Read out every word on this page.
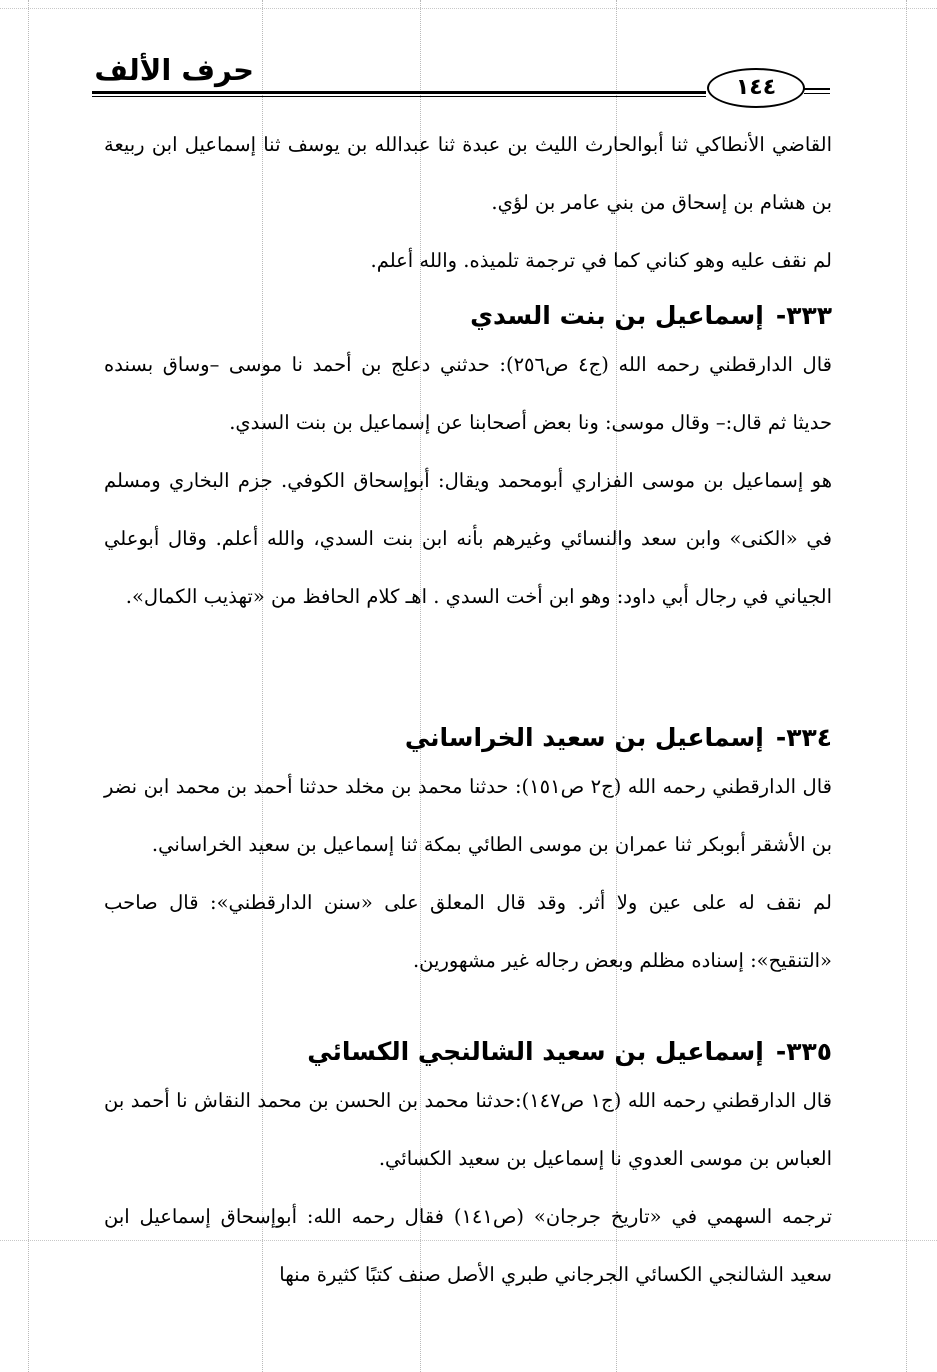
حرف الألف
١٤٤

القاضي الأنطاكي ثنا أبوالحارث الليث بن عبدة ثنا عبدالله بن يوسف ثنا إسماعيل ابن ربيعة بن هشام بن إسحاق من بني عامر بن لؤي.

لم نقف عليه وهو كناني كما في ترجمة تلميذه. والله أعلم.

٣٣٣-إسماعيل بن بنت السدي

قال الدارقطني رحمه الله (ج٤ ص٢٥٦): حدثني دعلج بن أحمد نا موسى –وساق بسنده حديثا ثم قال:– وقال موسى: ونا بعض أصحابنا عن إسماعيل بن بنت السدي.

هو إسماعيل بن موسى الفزاري أبومحمد ويقال: أبوإسحاق الكوفي. جزم البخاري ومسلم في «الكنى» وابن سعد والنسائي وغيرهم بأنه ابن بنت السدي، والله أعلم. وقال أبوعلي الجياني في رجال أبي داود: وهو ابن أخت السدي . اهـ كلام الحافظ من «تهذيب الكمال».

٣٣٤-إسماعيل بن سعيد الخراساني

قال الدارقطني رحمه الله (ج٢ ص١٥١): حدثنا محمد بن مخلد حدثنا أحمد بن محمد ابن نضر بن الأشقر أبوبكر ثنا عمران بن موسى الطائي بمكة ثنا إسماعيل بن سعيد الخراساني.

لم نقف له على عين ولا أثر. وقد قال المعلق على «سنن الدارقطني»: قال صاحب «التنقيح»: إسناده مظلم وبعض رجاله غير مشهورين.

٣٣٥-إسماعيل بن سعيد الشالنجي الكسائي

قال الدارقطني رحمه الله (ج١ ص١٤٧):حدثنا محمد بن الحسن بن محمد النقاش نا أحمد بن العباس بن موسى العدوي نا إسماعيل بن سعيد الكسائي.

ترجمه السهمي في «تاريخ جرجان» (ص١٤١) فقال رحمه الله: أبوإسحاق إسماعيل ابن سعيد الشالنجي الكسائي الجرجاني طبري الأصل صنف كتبًا كثيرة منها
